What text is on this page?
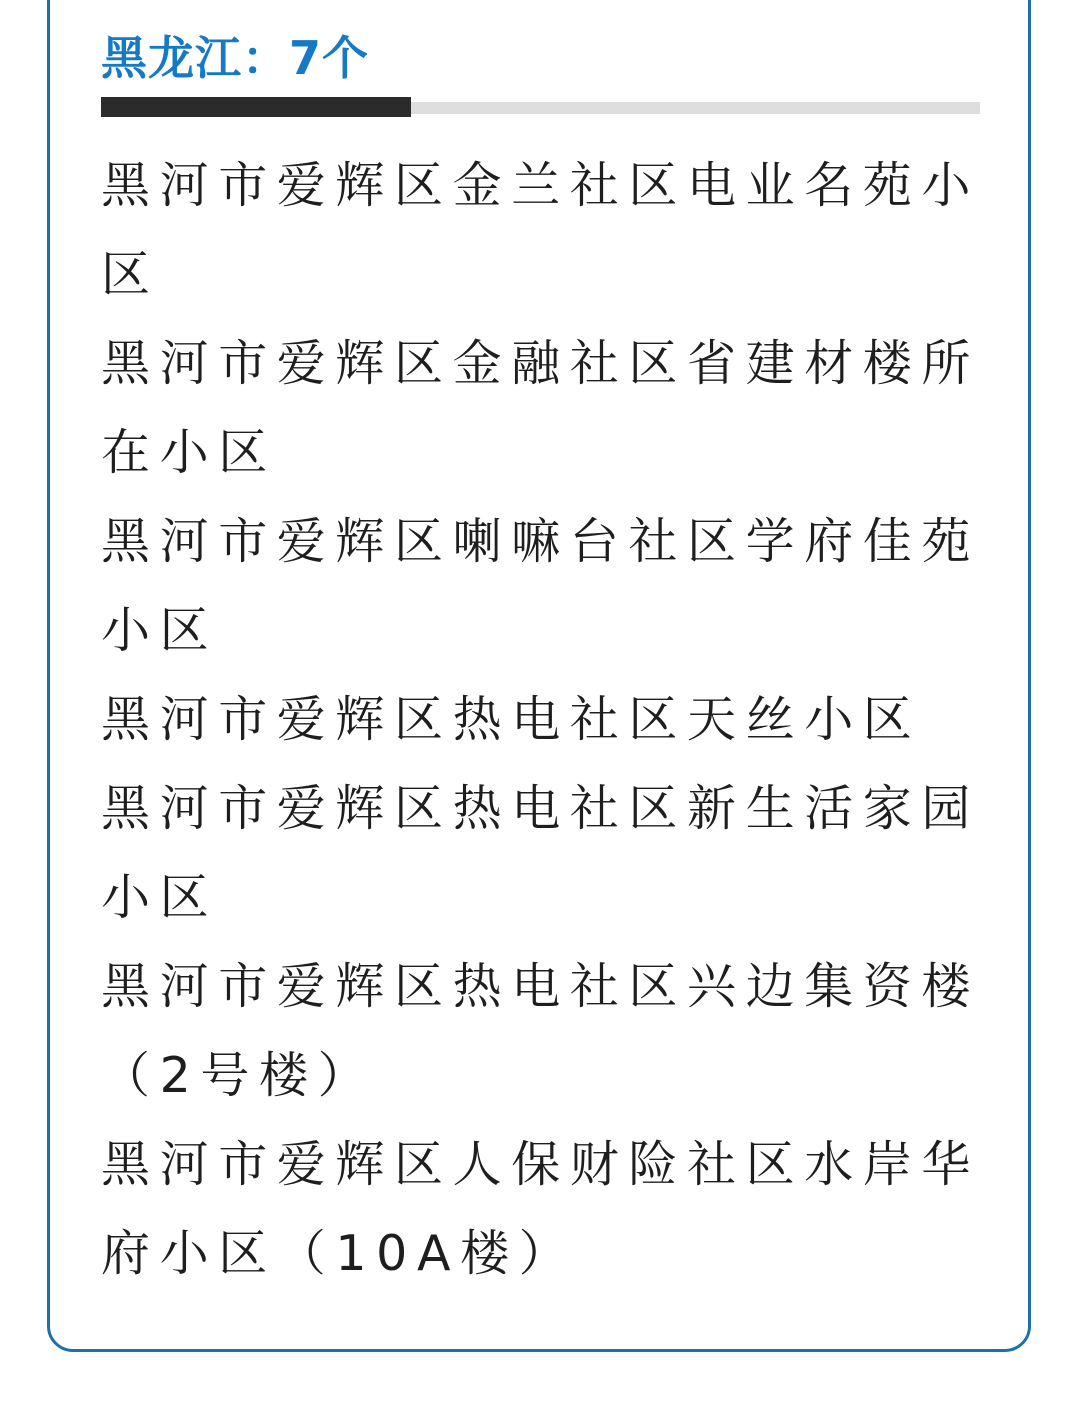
黑龙江：7个
黑河市爱辉区金兰社区电业名苑小区
黑河市爱辉区金融社区省建材楼所在小区
黑河市爱辉区喇嘛台社区学府佳苑小区
黑河市爱辉区热电社区天丝小区
黑河市爱辉区热电社区新生活家园小区
黑河市爱辉区热电社区兴边集资楼（2号楼）
黑河市爱辉区人保财险社区水岸华府小区（10A楼）
